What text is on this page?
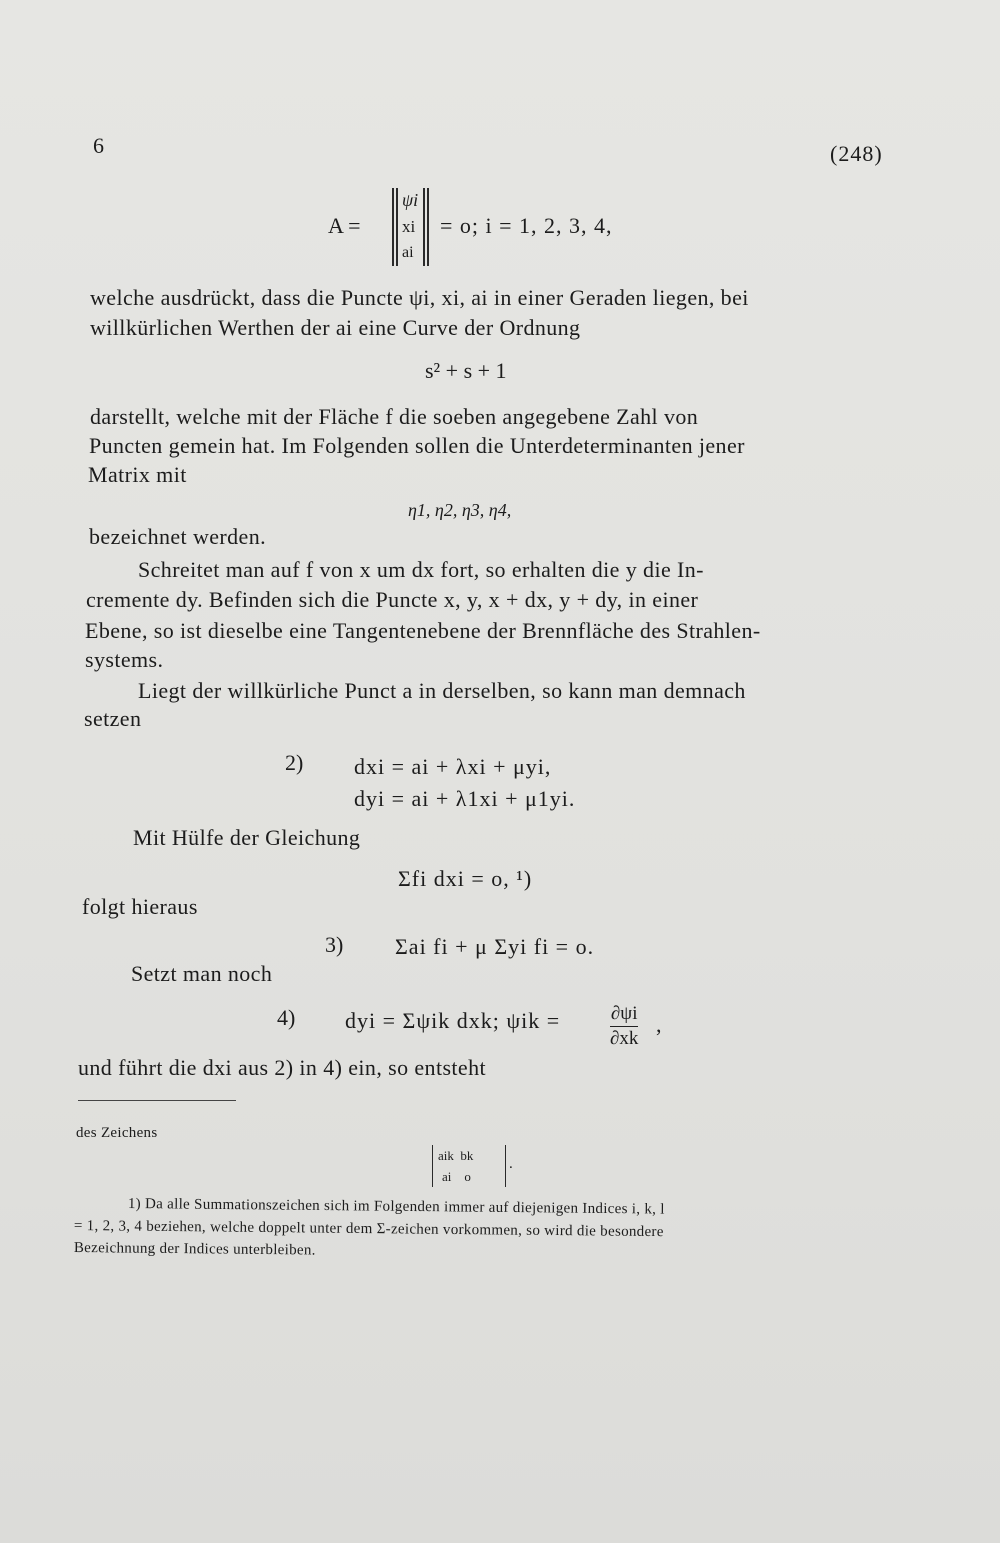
6	(248)
A =
ψi
xi
ai
= o; i = 1, 2, 3, 4,
welche ausdrückt, dass die Puncte ψi, xi, ai in einer Geraden liegen, bei
willkürlichen Werthen der ai eine Curve der Ordnung
s² + s + 1
darstellt, welche mit der Fläche f die soeben angegebene Zahl von
Puncten gemein hat. Im Folgenden sollen die Unterdeterminanten jener
Matrix mit
η1, η2, η3, η4,
bezeichnet werden.
Schreitet man auf f von x um dx fort, so erhalten die y die In-
cremente dy. Befinden sich die Puncte x, y, x + dx, y + dy, in einer
Ebene, so ist dieselbe eine Tangentenebene der Brennfläche des Strahlen-
systems.
Liegt der willkürliche Punct a in derselben, so kann man demnach
setzen
2) dxi = ai + λxi + μyi,
dyi = ai + λ1xi + μ1yi.
Mit Hülfe der Gleichung
Σfi dxi = o, ¹)
folgt hieraus
3) Σai fi + μ Σyi fi = o.
Setzt man noch
4) dyi = Σψik dxk; ψik =	$\frac{\partial\psi i}{\partial xk}$ ,
und führt die dxi aus 2) in 4) ein, so entsteht
des Zeichens
aik  bk
ai    o
.
1) Da alle Summationszeichen sich im Folgenden immer auf diejenigen Indices i, k, l
= 1, 2, 3, 4 beziehen, welche doppelt unter dem Σ-zeichen vorkommen, so wird die besondere
Bezeichnung der Indices unterbleiben.
